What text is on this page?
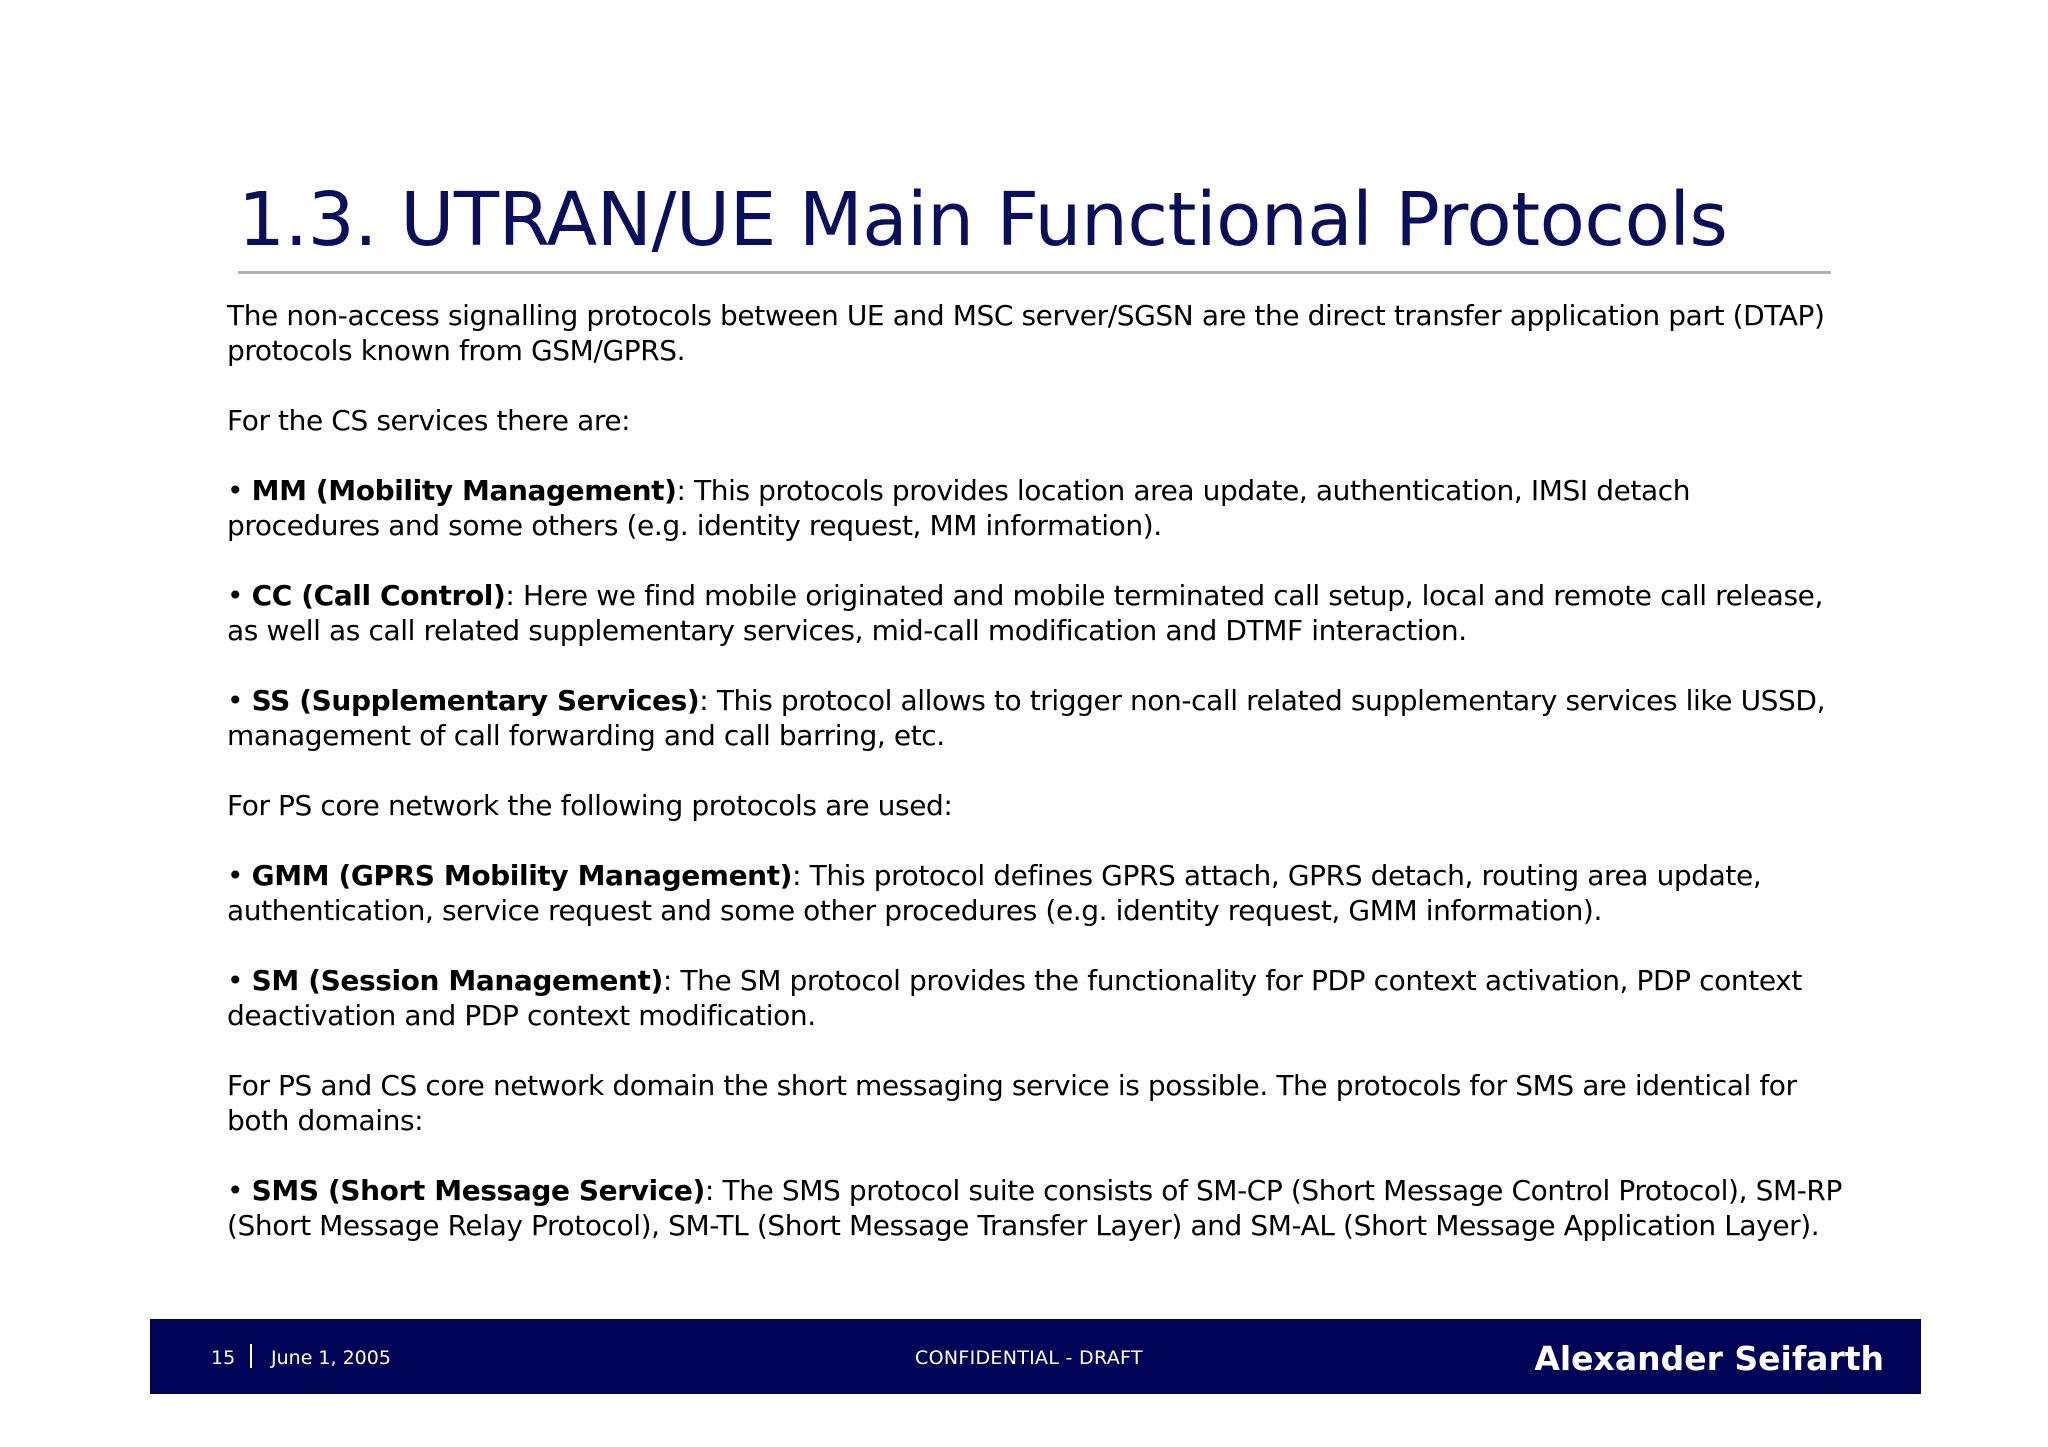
1.3. UTRAN/UE Main Functional Protocols

The non-access signalling protocols between UE and MSC server/SGSN are the direct transfer application part (DTAP) protocols known from GSM/GPRS.

For the CS services there are:

• MM (Mobility Management): This protocols provides location area update, authentication, IMSI detach procedures and some others (e.g. identity request, MM information).

• CC (Call Control): Here we find mobile originated and mobile terminated call setup, local and remote call release, as well as call related supplementary services, mid-call modification and DTMF interaction.

• SS (Supplementary Services): This protocol allows to trigger non-call related supplementary services like USSD, management of call forwarding and call barring, etc.

For PS core network the following protocols are used:

• GMM (GPRS Mobility Management): This protocol defines GPRS attach, GPRS detach, routing area update, authentication, service request and some other procedures (e.g. identity request, GMM information).

• SM (Session Management): The SM protocol provides the functionality for PDP context activation, PDP context deactivation and PDP context modification.

For PS and CS core network domain the short messaging service is possible. The protocols for SMS are identical for both domains:

• SMS (Short Message Service): The SMS protocol suite consists of SM-CP (Short Message Control Protocol), SM-RP (Short Message Relay Protocol), SM-TL (Short Message Transfer Layer) and SM-AL (Short Message Application Layer).

15 June 1, 2005	CONFIDENTIAL - DRAFT	Alexander Seifarth
